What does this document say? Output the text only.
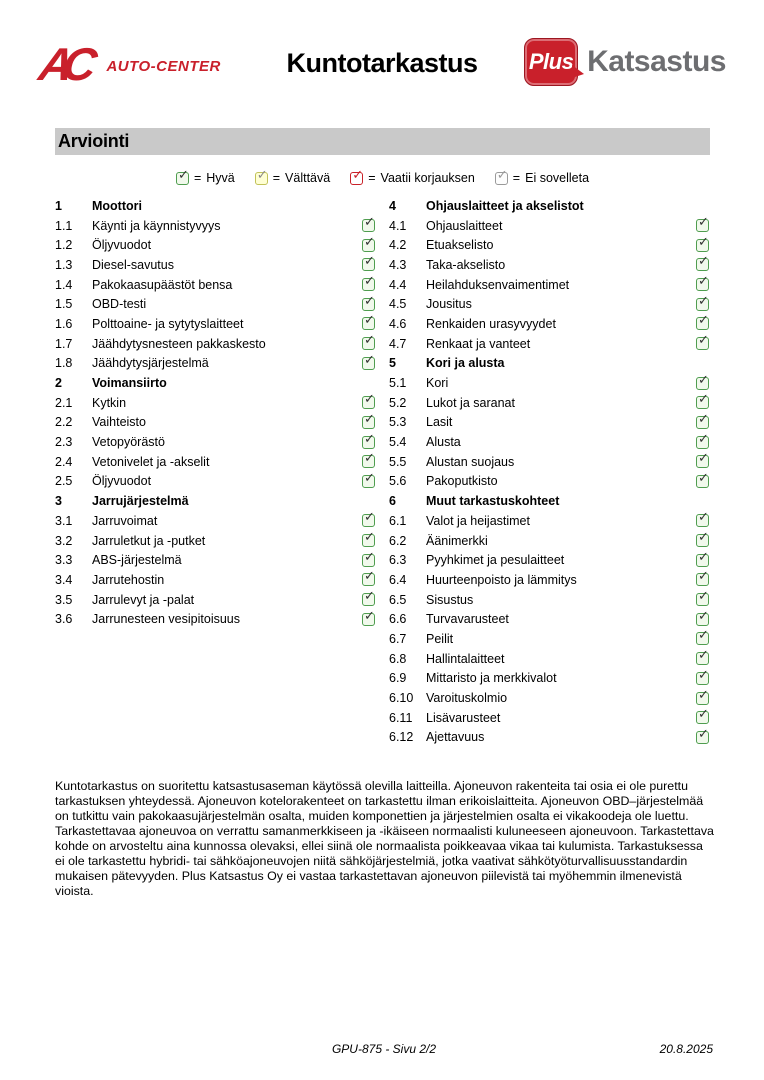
AC	AUTO-CENTER	Kuntotarkastus	Plus Katsastus
Arviointi
✓ = Hyvä ✓ = Välttävä ✓ = Vaatii korjauksen ✓ = Ei sovelleta
1	Moottori
1.1	Käynti ja käynnistyvyys	✓
1.2	Öljyvuodot	✓
1.3	Diesel-savutus	✓
1.4	Pakokaasupäästöt bensa	✓
1.5	OBD-testi	✓
1.6	Polttoaine- ja sytytyslaitteet	✓
1.7	Jäähdytysnesteen pakkaskesto	✓
1.8	Jäähdytysjärjestelmä	✓
2	Voimansiirto
2.1	Kytkin	✓
2.2	Vaihteisto	✓
2.3	Vetopyörästö	✓
2.4	Vetonivelet ja -akselit	✓
2.5	Öljyvuodot	✓
3	Jarrujärjestelmä
3.1	Jarruvoimat	✓
3.2	Jarruletkut ja -putket	✓
3.3	ABS-järjestelmä	✓
3.4	Jarrutehostin	✓
3.5	Jarrulevyt ja -palat	✓
3.6	Jarrunesteen vesipitoisuus	✓
4	Ohjauslaitteet ja akselistot
4.1	Ohjauslaitteet	✓
4.2	Etuakselisto	✓
4.3	Taka-akselisto	✓
4.4	Heilahduksenvaimentimet	✓
4.5	Jousitus	✓
4.6	Renkaiden urasyvyydet	✓
4.7	Renkaat ja vanteet	✓
5	Kori ja alusta
5.1	Kori	✓
5.2	Lukot ja saranat	✓
5.3	Lasit	✓
5.4	Alusta	✓
5.5	Alustan suojaus	✓
5.6	Pakoputkisto	✓
6	Muut tarkastuskohteet
6.1	Valot ja heijastimet	✓
6.2	Äänimerkki	✓
6.3	Pyyhkimet ja pesulaitteet	✓
6.4	Huurteenpoisto ja lämmitys	✓
6.5	Sisustus	✓
6.6	Turvavarusteet	✓
6.7	Peilit	✓
6.8	Hallintalaitteet	✓
6.9	Mittaristo ja merkkivalot	✓
6.10	Varoituskolmio	✓
6.11	Lisävarusteet	✓
6.12	Ajettavuus	✓
Kuntotarkastus on suoritettu katsastusaseman käytössä olevilla laitteilla. Ajoneuvon rakenteita tai osia ei ole purettu tarkastuksen yhteydessä. Ajoneuvon kotelorakenteet on tarkastettu ilman erikoislaitteita. Ajoneuvon OBD–järjestelmää on tutkittu vain pakokaasujärjestelmän osalta, muiden komponettien ja järjestelmien osalta ei vikakoodeja ole luettu. Tarkastettavaa ajoneuvoa on verrattu samanmerkkiseen ja -ikäiseen normaalisti kuluneeseen ajoneuvoon. Tarkastettava kohde on arvosteltu aina kunnossa olevaksi, ellei siinä ole normaalista poikkeavaa vikaa tai kulumista. Tarkastuksessa ei ole tarkastettu hybridi- tai sähköajoneuvojen niitä sähköjärjestelmiä, jotka vaativat sähkötyöturvallisuusstandardin mukaisen pätevyyden. Plus Katsastus Oy ei vastaa tarkastettavan ajoneuvon piilevistä tai myöhemmin ilmenevistä vioista.
GPU-875 - Sivu 2/2	20.8.2025
